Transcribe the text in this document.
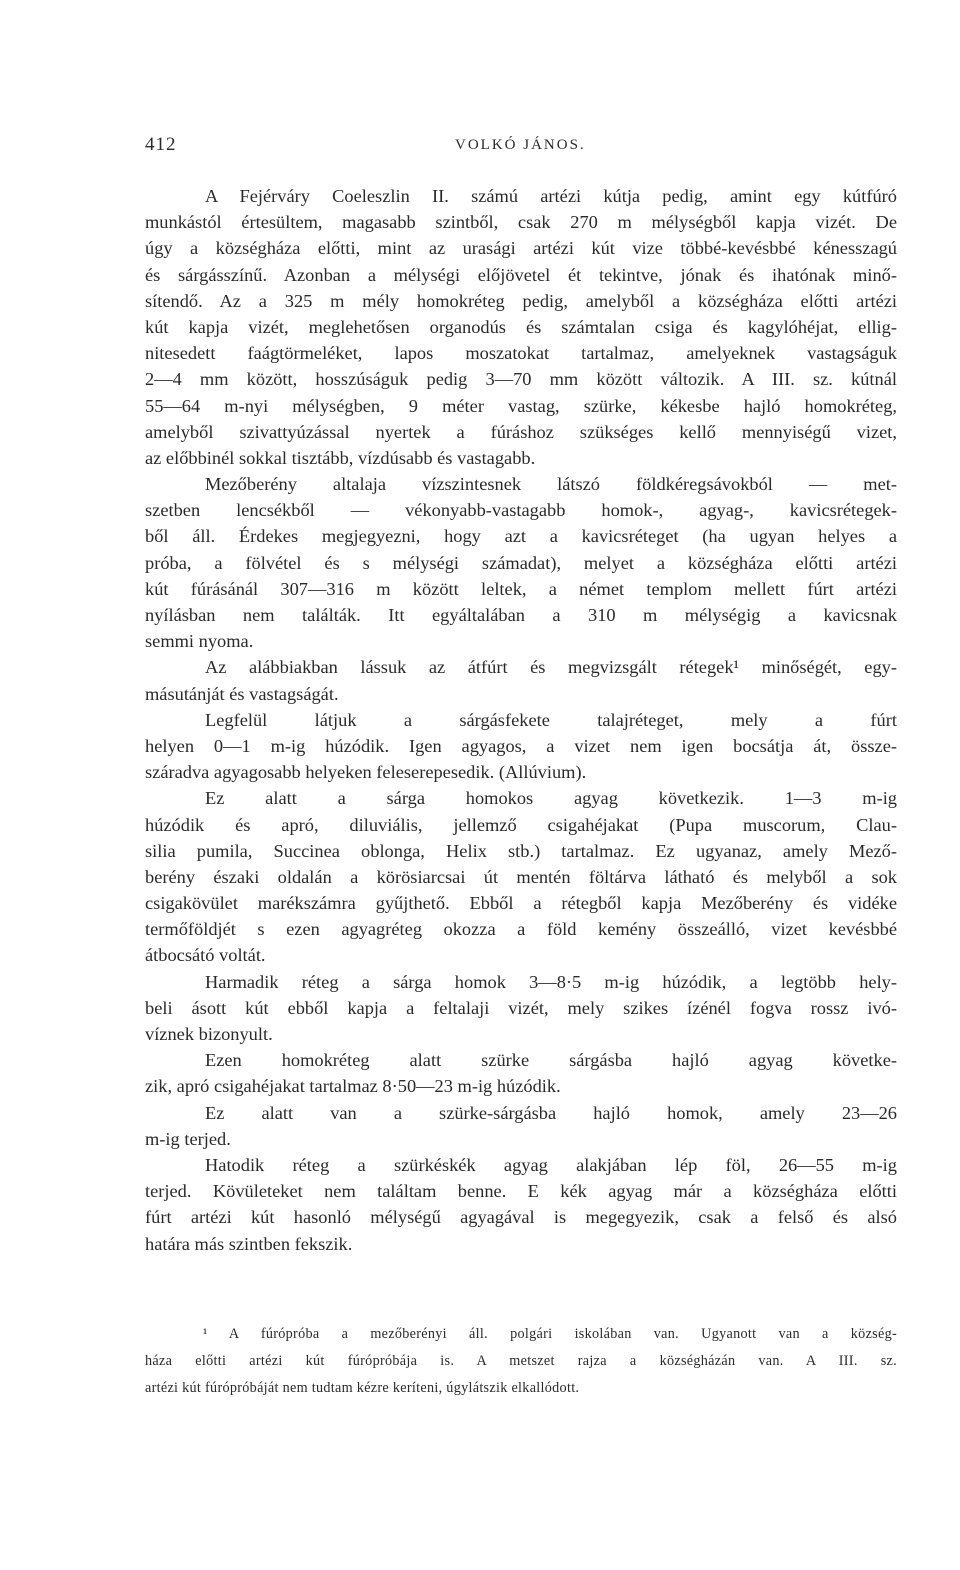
412	VOLKÓ JÁNOS.
A Fejérváry Coeleszlin II. számú artézi kútja pedig, amint egy kútfúró
munkástól értesültem, magasabb szintből, csak 270 m mélységből kapja vizét. De
úgy a községháza előtti, mint az urasági artézi kút vize többé-kevésbbé kénesszagú
és sárgásszínű. Azonban a mélységi előjövetel ét tekintve, jónak és ihatónak minő-
sítendő. Az a 325 m mély homokréteg pedig, amelyből a községháza előtti artézi
kút kapja vizét, meglehetősen organodús és számtalan csiga és kagylóhéjat, ellig-
nitesedett faágtörmeléket, lapos moszatokat tartalmaz, amelyeknek vastagságuk
2—4 mm között, hosszúságuk pedig 3—70 mm között változik. A III. sz. kútnál
55—64 m-nyi mélységben, 9 méter vastag, szürke, kékesbe hajló homokréteg,
amelyből szivattyúzással nyertek a fúráshoz szükséges kellő mennyiségű vizet,
az előbbinél sokkal tisztább, vízdúsabb és vastagabb.
Mezőberény altalaja vízszintesnek látszó földkéregsávokból — met-
szetben lencsékből — vékonyabb-vastagabb homok-, agyag-, kavicsrétegek-
ből áll. Érdekes megjegyezni, hogy azt a kavicsréteget (ha ugyan helyes a
próba, a fölvétel és s mélységi számadat), melyet a községháza előtti artézi
kút fúrásánál 307—316 m között leltek, a német templom mellett fúrt artézi
nyílásban nem találták. Itt egyáltalában a 310 m mélységig a kavicsnak
semmi nyoma.
Az alábbiakban lássuk az átfúrt és megvizsgált rétegek¹ minőségét, egy-
másutánját és vastagságát.
Legfelül látjuk a sárgásfekete talajréteget, mely a fúrt
helyen 0—1 m-ig húzódik. Igen agyagos, a vizet nem igen bocsátja át, össze-
száradva agyagosabb helyeken feleserepesedik. (Allúvium).
Ez alatt a sárga homokos agyag következik. 1—3 m-ig
húzódik és apró, diluviális, jellemző csigahéjakat (Pupa muscorum, Clau-
silia pumila, Succinea oblonga, Helix stb.) tartalmaz. Ez ugyanaz, amely Mező-
berény északi oldalán a körösiarcsai út mentén föltárva látható és melyből a sok
csigakövület marékszámra gyűjthető. Ebből a rétegből kapja Mezőberény és vidéke
termőföldjét s ezen agyagréteg okozza a föld kemény összeálló, vizet kevésbbé
átbocsátó voltát.
Harmadik réteg a sárga homok 3—8·5 m-ig húzódik, a legtöbb hely-
beli ásott kút ebből kapja a feltalaji vizét, mely szikes ízénél fogva rossz ivó-
víznek bizonyult.
Ezen homokréteg alatt szürke sárgásba hajló agyag követke-
zik, apró csigahéjakat tartalmaz 8·50—23 m-ig húzódik.
Ez alatt van a szürke-sárgásba hajló homok, amely 23—26
m-ig terjed.
Hatodik réteg a szürkéskék agyag alakjában lép föl, 26—55 m-ig
terjed. Kövületeket nem találtam benne. E kék agyag már a községháza előtti
fúrt artézi kút hasonló mélységű agyagával is megegyezik, csak a felső és alsó
határa más szintben fekszik.
¹ A fúrópróba a mezőberényi áll. polgári iskolában van. Ugyanott van a község-
háza előtti artézi kút fúrópróbája is. A metszet rajza a községházán van. A III. sz.
artézi kút fúrópróbáját nem tudtam kézre keríteni, úgylátszik elkallódott.
